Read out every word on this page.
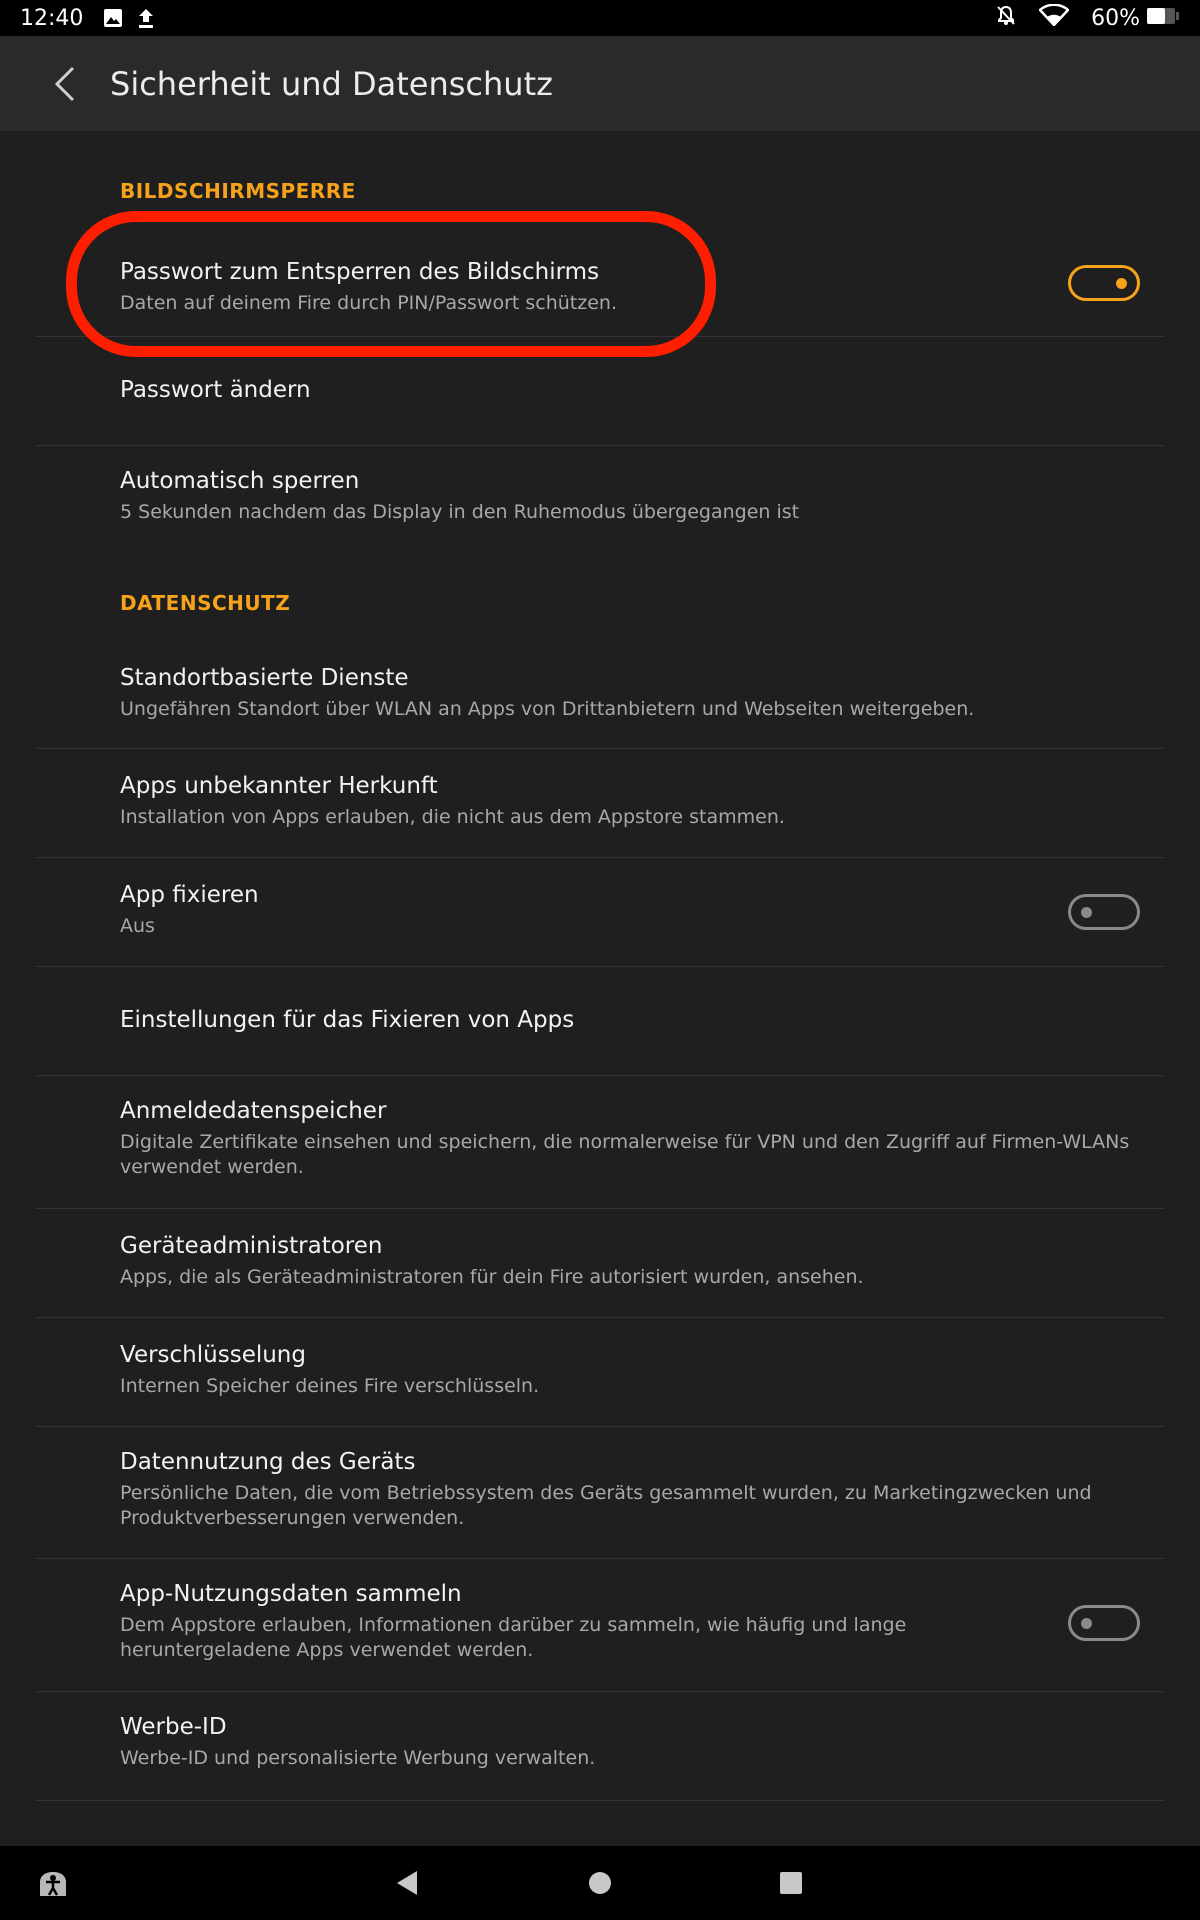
12:40	60%
Sicherheit und Datenschutz
BILDSCHIRMSPERRE
Passwort zum Entsperren des Bildschirms
Daten auf deinem Fire durch PIN/Passwort schützen.
Passwort ändern
Automatisch sperren
5 Sekunden nachdem das Display in den Ruhemodus übergegangen ist
DATENSCHUTZ
Standortbasierte Dienste
Ungefähren Standort über WLAN an Apps von Drittanbietern und Webseiten weitergeben.
Apps unbekannter Herkunft
Installation von Apps erlauben, die nicht aus dem Appstore stammen.
App fixieren
Aus
Einstellungen für das Fixieren von Apps
Anmeldedatenspeicher
Digitale Zertifikate einsehen und speichern, die normalerweise für VPN und den Zugriff auf Firmen-WLANs verwendet werden.
Geräteadministratoren
Apps, die als Geräteadministratoren für dein Fire autorisiert wurden, ansehen.
Verschlüsselung
Internen Speicher deines Fire verschlüsseln.
Datennutzung des Geräts
Persönliche Daten, die vom Betriebssystem des Geräts gesammelt wurden, zu Marketingzwecken und Produktverbesserungen verwenden.
App-Nutzungsdaten sammeln
Dem Appstore erlauben, Informationen darüber zu sammeln, wie häufig und lange heruntergeladene Apps verwendet werden.
Werbe-ID
Werbe-ID und personalisierte Werbung verwalten.
